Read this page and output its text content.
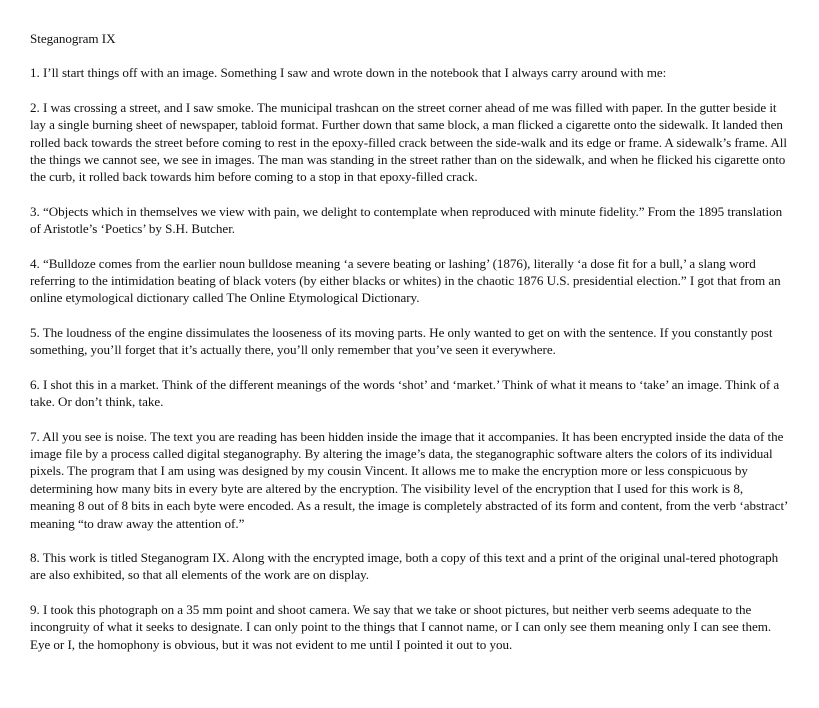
Steganogram IX

1. I’ll start things off with an image. Something I saw and wrote down in the notebook that I always carry around with me:

2. I was crossing a street, and I saw smoke. The municipal trashcan on the street corner ahead of me was filled with paper. In the gutter beside it lay a single burning sheet of newspaper, tabloid format. Further down that same block, a man flicked a cigarette onto the sidewalk. It landed then rolled back towards the street before coming to rest in the epoxy-filled crack between the side-walk and its edge or frame. A sidewalk’s frame. All the things we cannot see, we see in images. The man was standing in the street rather than on the sidewalk, and when he flicked his cigarette onto the curb, it rolled back towards him before coming to a stop in that epoxy-filled crack.

3. “Objects which in themselves we view with pain, we delight to contemplate when reproduced with minute fidelity.” From the 1895 translation of Aristotle’s ‘Poetics’ by S.H. Butcher.

4. “Bulldoze comes from the earlier noun bulldose meaning ‘a severe beating or lashing’ (1876), literally ‘a dose fit for a bull,’ a slang word referring to the intimidation beating of black voters (by either blacks or whites) in the chaotic 1876 U.S. presidential election.” I got that from an online etymological dictionary called The Online Etymological Dictionary.

5. The loudness of the engine dissimulates the looseness of its moving parts. He only wanted to get on with the sentence. If you constantly post something, you’ll forget that it’s actually there, you’ll only remember that you’ve seen it everywhere.

6. I shot this in a market. Think of the different meanings of the words ‘shot’ and ‘market.’ Think of what it means to ‘take’ an image. Think of a take. Or don’t think, take.

7. All you see is noise. The text you are reading has been hidden inside the image that it accompanies. It has been encrypted inside the data of the image file by a process called digital steganography. By altering the image’s data, the steganographic software alters the colors of its individual pixels. The program that I am using was designed by my cousin Vincent. It allows me to make the encryption more or less conspicuous by determining how many bits in every byte are altered by the encryption. The visibility level of the encryption that I used for this work is 8, meaning 8 out of 8 bits in each byte were encoded. As a result, the image is completely abstracted of its form and content, from the verb ‘abstract’ meaning “to draw away the attention of.”

8. This work is titled Steganogram IX. Along with the encrypted image, both a copy of this text and a print of the original unal-tered photograph are also exhibited, so that all elements of the work are on display.

9. I took this photograph on a 35 mm point and shoot camera. We say that we take or shoot pictures, but neither verb seems adequate to the incongruity of what it seeks to designate. I can only point to the things that I cannot name, or I can only see them meaning only I can see them. Eye or I, the homophony is obvious, but it was not evident to me until I pointed it out to you.
